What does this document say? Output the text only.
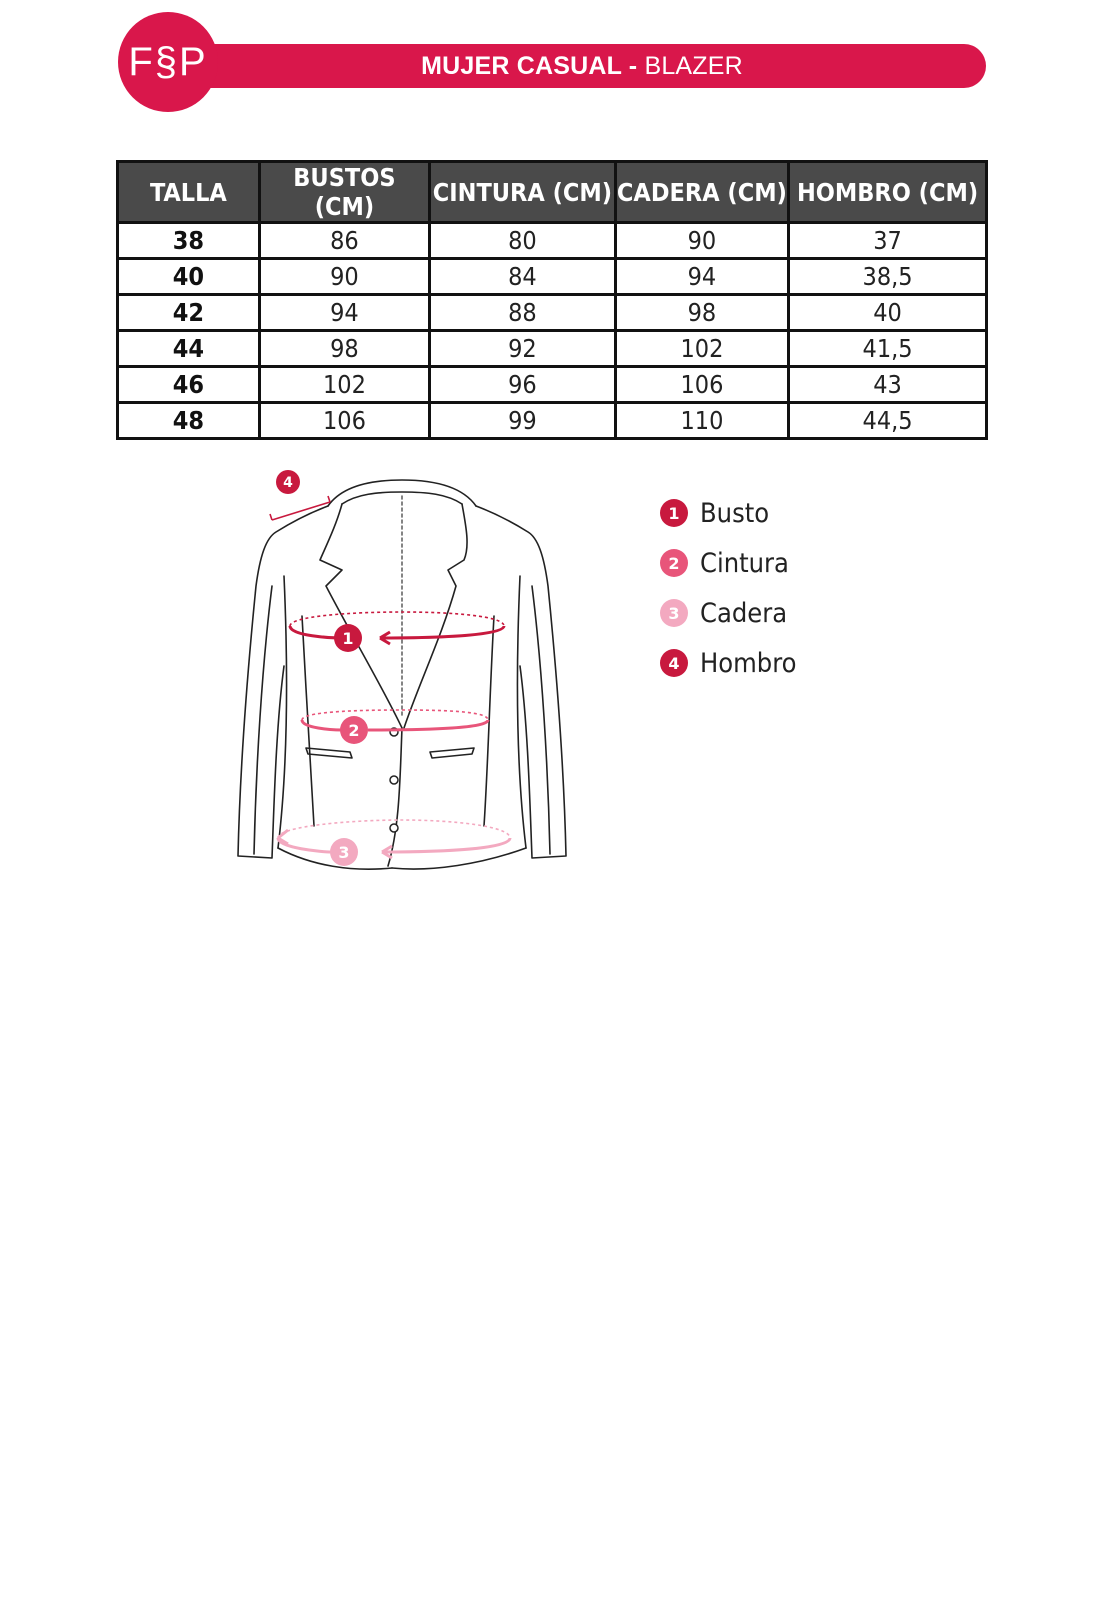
MUJER CASUAL - BLAZER
F§P
TALLA	BUSTOS (CM)	CINTURA (CM)	CADERA (CM)	HOMBRO (CM)
38	86	80	90	37
40	90	84	94	38,5
42	94	88	98	40
44	98	92	102	41,5
46	102	96	106	43
48	106	99	110	44,5
4
1
2
3
1 Busto
2 Cintura
3 Cadera
4 Hombro
